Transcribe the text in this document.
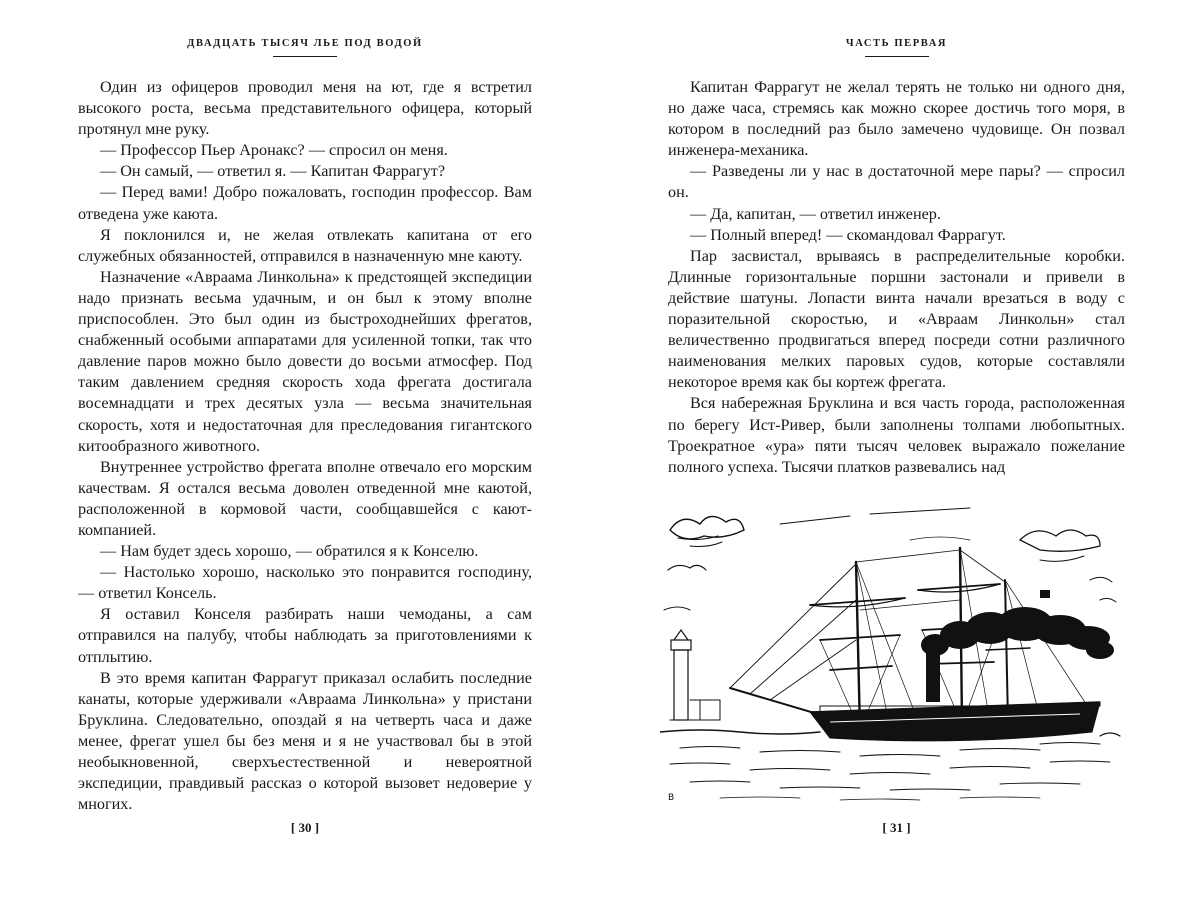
ДВАДЦАТЬ ТЫСЯЧ ЛЬЕ ПОД ВОДОЙ

Один из офицеров проводил меня на ют, где я встретил высокого роста, весьма представительного офицера, который протянул мне руку.

— Профессор Пьер Аронакс? — спросил он меня.

— Он самый, — ответил я. — Капитан Фаррагут?

— Перед вами! Добро пожаловать, господин профессор. Вам отведена уже каюта.

Я поклонился и, не желая отвлекать капитана от его служебных обязанностей, отправился в назначенную мне каюту.

Назначение «Авраама Линкольна» к предстоящей экспедиции надо признать весьма удачным, и он был к этому вполне приспособлен. Это был один из быстроходнейших фрегатов, снабженный особыми аппаратами для усиленной топки, так что давление паров можно было довести до восьми атмосфер. Под таким давлением средняя скорость хода фрегата достигала восемнадцати и трех десятых узла — весьма значительная скорость, хотя и недостаточная для преследования гигантского китообразного животного.

Внутреннее устройство фрегата вполне отвечало его морским качествам. Я остался весьма доволен отведенной мне каютой, расположенной в кормовой части, сообщавшейся с кают-компанией.

— Нам будет здесь хорошо, — обратился я к Конселю.

— Настолько хорошо, насколько это понравится господину, — ответил Консель.

Я оставил Конселя разбирать наши чемоданы, а сам отправился на палубу, чтобы наблюдать за приготовлениями к отплытию.

В это время капитан Фаррагут приказал ослабить последние канаты, которые удерживали «Авраама Линкольна» у пристани Бруклина. Следовательно, опоздай я на четверть часа и даже менее, фрегат ушел бы без меня и я не участвовал бы в этой необыкновенной, сверхъестественной и невероятной экспедиции, правдивый рассказ о которой вызовет недоверие у многих.

[ 30 ]
ЧАСТЬ ПЕРВАЯ

Капитан Фаррагут не желал терять не только ни одного дня, но даже часа, стремясь как можно скорее достичь того моря, в котором в последний раз было замечено чудовище. Он позвал инженера-механика.

— Разведены ли у нас в достаточной мере пары? — спросил он.

— Да, капитан, — ответил инженер.

— Полный вперед! — скомандовал Фаррагут.

Пар засвистал, врываясь в распределительные коробки. Длинные горизонтальные поршни застонали и привели в действие шатуны. Лопасти винта начали врезаться в воду с поразительной скоростью, и «Авраам Линкольн» стал величественно продвигаться вперед посреди сотни различного наименования мелких паровых судов, которые составляли некоторое время как бы кортеж фрегата.

Вся набережная Бруклина и вся часть города, расположенная по берегу Ист-Ривер, были заполнены толпами любопытных. Троекратное «ура» пяти тысяч человек выражало пожелание полного успеха. Тысячи платков развевались над

B
[ 31 ]
